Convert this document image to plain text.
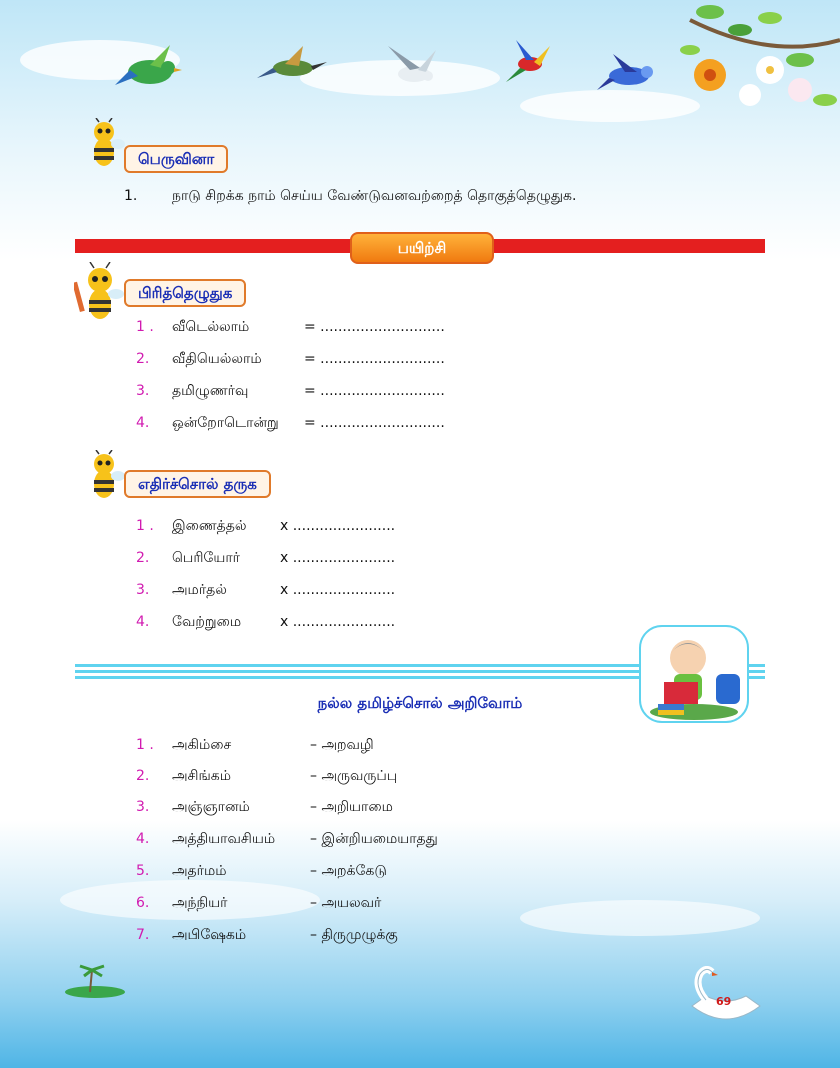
பெருவினா
1. நாடு சிறக்க நாம் செய்ய வேண்டுவனவற்றைத் தொகுத்தெழுதுக.
பயிற்சி
பிரித்தெழுதுக
1 . வீடெல்லாம்	= ............................
2. வீதியெல்லாம்	= ............................
3. தமிழுணர்வு	= ............................
4. ஒன்றோடொன்று = ............................
எதிர்ச்சொல் தருக
1 . இணைத்தல் x .......................
2. பெரியோர்	x .......................
3. அமர்தல்	x .......................
4. வேற்றுமை	x .......................
நல்ல தமிழ்ச்சொல் அறிவோம்
1 . அகிம்சை	– அறவழி
2. அசிங்கம்	– அருவருப்பு
3. அஞ்ஞானம்	– அறியாமை
4. அத்தியாவசியம் – இன்றியமையாதது
5. அதர்மம்	– அறக்கேடு
6. அந்நியர்	– அயலவர்
7. அபிஷேகம்	– திருமுழுக்கு
69
